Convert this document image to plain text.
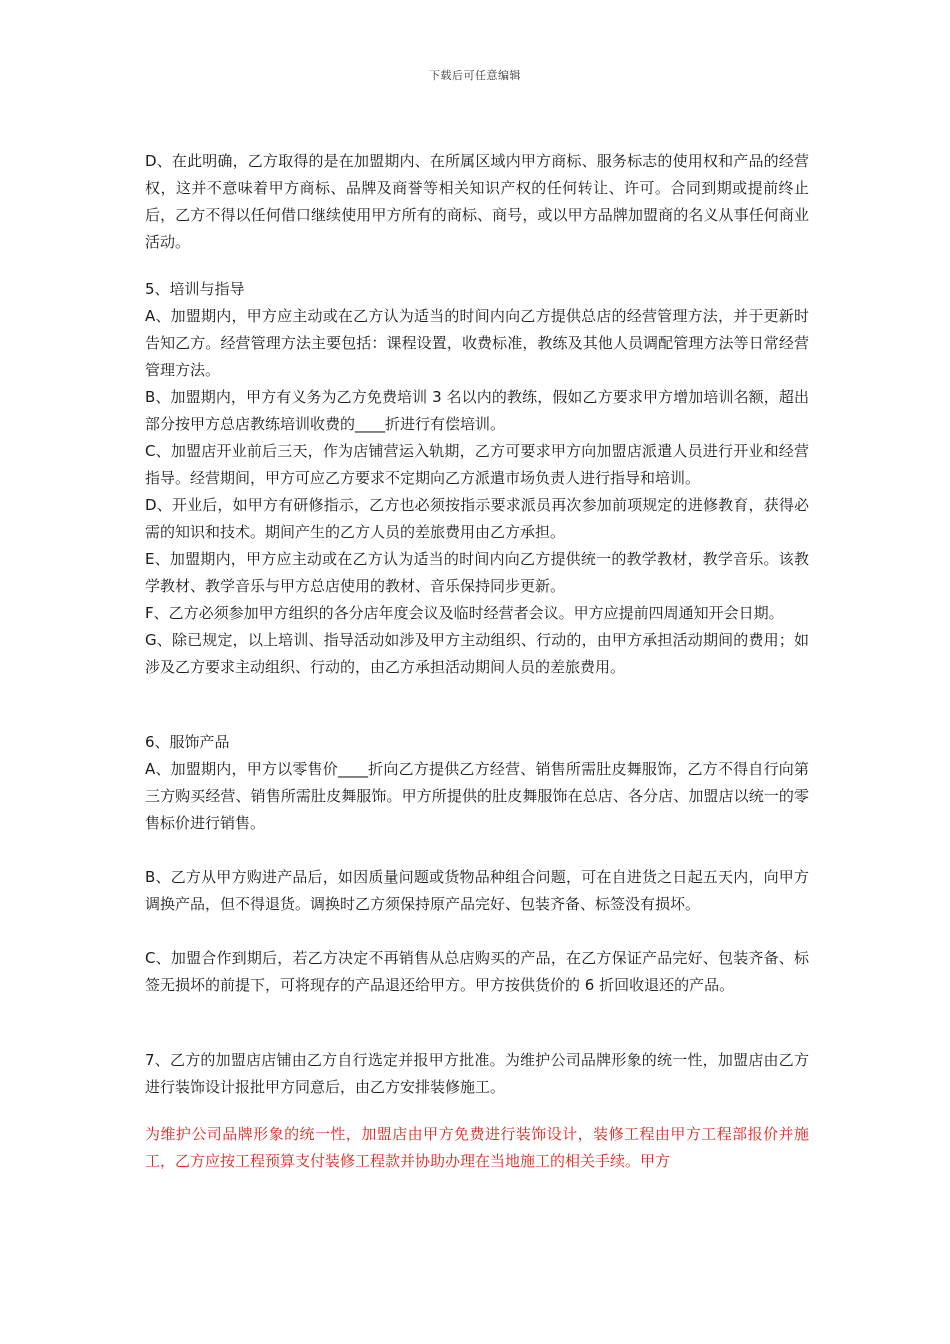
下载后可任意编辑

D、在此明确，乙方取得的是在加盟期内、在所属区域内甲方商标、服务标志的使用权和产品的经营权，这并不意味着甲方商标、品牌及商誉等相关知识产权的任何转让、许可。合同到期或提前终止后，乙方不得以任何借口继续使用甲方所有的商标、商号，或以甲方品牌加盟商的名义从事任何商业活动。

5、培训与指导

A、加盟期内，甲方应主动或在乙方认为适当的时间内向乙方提供总店的经营管理方法，并于更新时告知乙方。经营管理方法主要包括：课程设置，收费标准，教练及其他人员调配管理方法等日常经营管理方法。

B、加盟期内，甲方有义务为乙方免费培训 3 名以内的教练，假如乙方要求甲方增加培训名额，超出部分按甲方总店教练培训收费的____折进行有偿培训。

C、加盟店开业前后三天，作为店铺营运入轨期，乙方可要求甲方向加盟店派遣人员进行开业和经营指导。经营期间，甲方可应乙方要求不定期向乙方派遣市场负责人进行指导和培训。

D、开业后，如甲方有研修指示，乙方也必须按指示要求派员再次参加前项规定的进修教育，获得必需的知识和技术。期间产生的乙方人员的差旅费用由乙方承担。

E、加盟期内，甲方应主动或在乙方认为适当的时间内向乙方提供统一的教学教材，教学音乐。该教学教材、教学音乐与甲方总店使用的教材、音乐保持同步更新。

F、乙方必须参加甲方组织的各分店年度会议及临时经营者会议。甲方应提前四周通知开会日期。

G、除已规定，以上培训、指导活动如涉及甲方主动组织、行动的，由甲方承担活动期间的费用；如涉及乙方要求主动组织、行动的，由乙方承担活动期间人员的差旅费用。

6、服饰产品

A、加盟期内，甲方以零售价____折向乙方提供乙方经营、销售所需肚皮舞服饰，乙方不得自行向第三方购买经营、销售所需肚皮舞服饰。甲方所提供的肚皮舞服饰在总店、各分店、加盟店以统一的零售标价进行销售。

B、乙方从甲方购进产品后，如因质量问题或货物品种组合问题，可在自进货之日起五天内，向甲方调换产品，但不得退货。调换时乙方须保持原产品完好、包装齐备、标签没有损坏。

C、加盟合作到期后，若乙方决定不再销售从总店购买的产品，在乙方保证产品完好、包装齐备、标签无损坏的前提下，可将现存的产品退还给甲方。甲方按供货价的 6 折回收退还的产品。

7、乙方的加盟店店铺由乙方自行选定并报甲方批准。为维护公司品牌形象的统一性，加盟店由乙方进行装饰设计报批甲方同意后，由乙方安排装修施工。

为维护公司品牌形象的统一性，加盟店由甲方免费进行装饰设计，装修工程由甲方工程部报价并施工，乙方应按工程预算支付装修工程款并协助办理在当地施工的相关手续。甲方
